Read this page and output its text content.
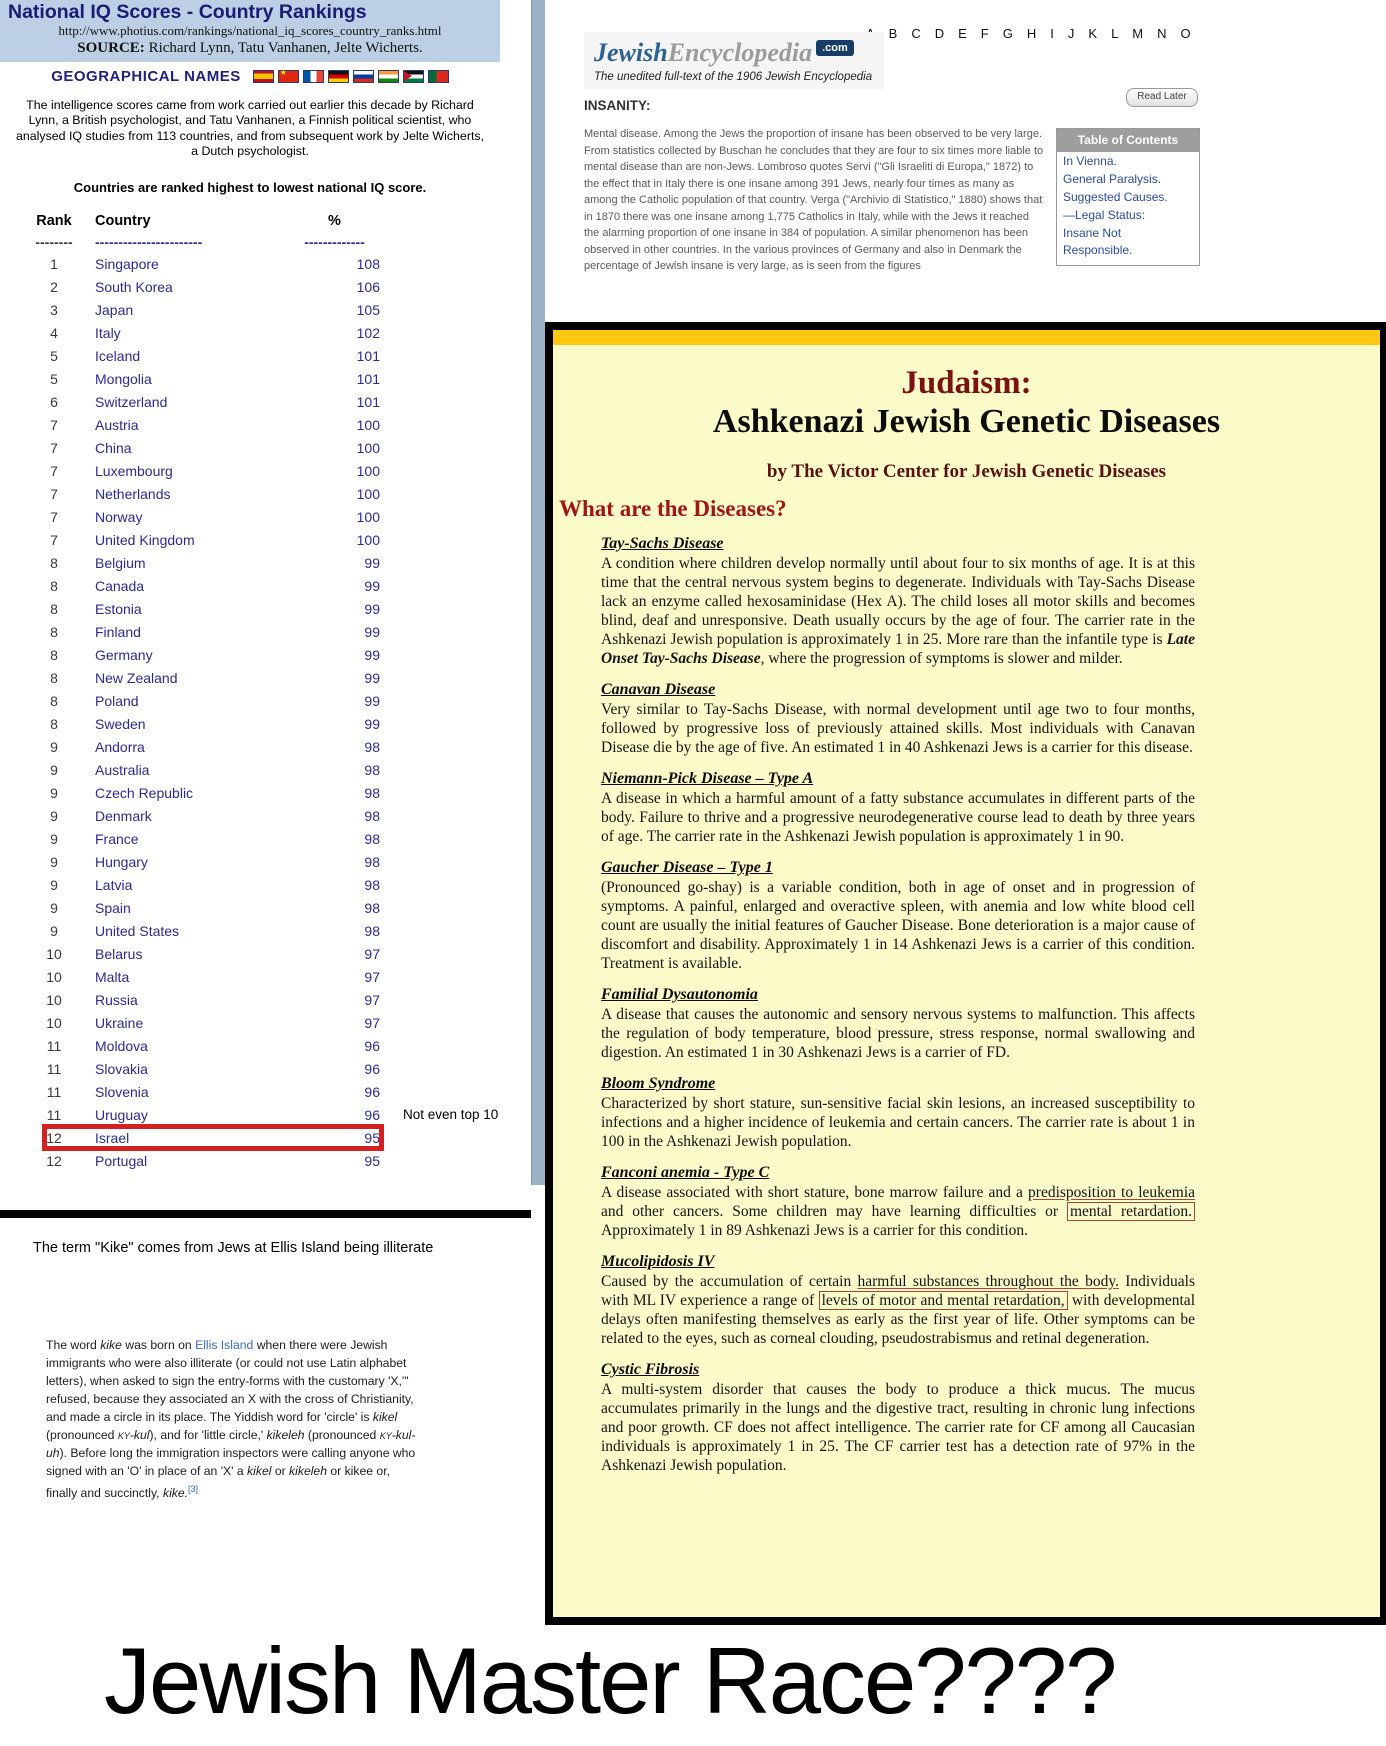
National IQ Scores - Country Rankings
http://www.photius.com/rankings/national_iq_scores_country_ranks.html
SOURCE: Richard Lynn, Tatu Vanhanen, Jelte Wicherts.
GEOGRAPHICAL NAMES
★
The intelligence scores came from work carried out earlier this decade by Richard Lynn, a British psychologist, and Tatu Vanhanen, a Finnish political scientist, who analysed IQ studies from 113 countries, and from subsequent work by Jelte Wicherts, a Dutch psychologist.
Countries are ranked highest to lowest national IQ score.
Rank	Country	%
--------	-----------------------	-------------
1	Singapore	108
2	South Korea	106
3	Japan	105
4	Italy	102
5	Iceland	101
5	Mongolia	101
6	Switzerland	101
7	Austria	100
7	China	100
7	Luxembourg	100
7	Netherlands	100
7	Norway	100
7	United Kingdom	100
8	Belgium	99
8	Canada	99
8	Estonia	99
8	Finland	99
8	Germany	99
8	New Zealand	99
8	Poland	99
8	Sweden	99
9	Andorra	98
9	Australia	98
9	Czech Republic	98
9	Denmark	98
9	France	98
9	Hungary	98
9	Latvia	98
9	Spain	98
9	United States	98
10	Belarus	97
10	Malta	97
10	Russia	97
10	Ukraine	97
11	Moldova	96
11	Slovakia	96
11	Slovenia	96
11	Uruguay	96	Not even top 10
12	Israel	95
12	Portugal	95
B C D E F G H I J K L M N O
JewishEncyclopedia .com
The unedited full-text of the 1906 Jewish Encyclopedia
INSANITY:
Read Later
Table of Contents
In Vienna.
General Paralysis.
Suggested Causes.
—Legal Status:
Insane Not Responsible.
Mental disease. Among the Jews the proportion of insane has been observed to be very large. From statistics collected by Buschan he concludes that they are four to six times more liable to mental disease than are non-Jews. Lombroso quotes Servi ("Gli Israeliti di Europa," 1872) to the effect that in Italy there is one insane among 391 Jews, nearly four times as many as among the Catholic population of that country. Verga ("Archivio di Statistico," 1880) shows that in 1870 there was one insane among 1,775 Catholics in Italy, while with the Jews it reached the alarming proportion of one insane in 384 of population. A similar phenomenon has been observed in other countries. In the various provinces of Germany and also in Denmark the percentage of Jewish insane is very large, as is seen from the figures
Judaism:
Ashkenazi Jewish Genetic Diseases
by The Victor Center for Jewish Genetic Diseases
What are the Diseases?
Tay-Sachs Disease

A condition where children develop normally until about four to six months of age. It is at this time that the central nervous system begins to degenerate. Individuals with Tay-Sachs Disease lack an enzyme called hexosaminidase (Hex A). The child loses all motor skills and becomes blind, deaf and unresponsive. Death usually occurs by the age of four. The carrier rate in the Ashkenazi Jewish population is approximately 1 in 25. More rare than the infantile type is Late Onset Tay-Sachs Disease, where the progression of symptoms is slower and milder.

Canavan Disease

Very similar to Tay-Sachs Disease, with normal development until age two to four months, followed by progressive loss of previously attained skills. Most individuals with Canavan Disease die by the age of five. An estimated 1 in 40 Ashkenazi Jews is a carrier for this disease.

Niemann-Pick Disease – Type A

A disease in which a harmful amount of a fatty substance accumulates in different parts of the body. Failure to thrive and a progressive neurodegenerative course lead to death by three years of age. The carrier rate in the Ashkenazi Jewish population is approximately 1 in 90.

Gaucher Disease – Type 1

(Pronounced go-shay) is a variable condition, both in age of onset and in progression of symptoms. A painful, enlarged and overactive spleen, with anemia and low white blood cell count are usually the initial features of Gaucher Disease. Bone deterioration is a major cause of discomfort and disability. Approximately 1 in 14 Ashkenazi Jews is a carrier of this condition. Treatment is available.

Familial Dysautonomia

A disease that causes the autonomic and sensory nervous systems to malfunction. This affects the regulation of body temperature, blood pressure, stress response, normal swallowing and digestion. An estimated 1 in 30 Ashkenazi Jews is a carrier of FD.

Bloom Syndrome

Characterized by short stature, sun-sensitive facial skin lesions, an increased susceptibility to infections and a higher incidence of leukemia and certain cancers. The carrier rate is about 1 in 100 in the Ashkenazi Jewish population.

Fanconi anemia - Type C

A disease associated with short stature, bone marrow failure and a predisposition to leukemia and other cancers. Some children may have learning difficulties or mental retardation. Approximately 1 in 89 Ashkenazi Jews is a carrier for this condition.

Mucolipidosis IV

Caused by the accumulation of certain harmful substances throughout the body. Individuals with ML IV experience a range of levels of motor and mental retardation, with developmental delays often manifesting themselves as early as the first year of life. Other symptoms can be related to the eyes, such as corneal clouding, pseudostrabismus and retinal degeneration.

Cystic Fibrosis

A multi-system disorder that causes the body to produce a thick mucus. The mucus accumulates primarily in the lungs and the digestive tract, resulting in chronic lung infections and poor growth. CF does not affect intelligence. The carrier rate for CF among all Caucasian individuals is approximately 1 in 25. The CF carrier test has a detection rate of 97% in the Ashkenazi Jewish population.

The term "Kike" comes from Jews at Ellis Island being illiterate

The word kike was born on Ellis Island when there were Jewish immigrants who were also illiterate (or could not use Latin alphabet letters), when asked to sign the entry-forms with the customary 'X,'" refused, because they associated an X with the cross of Christianity, and made a circle in its place. The Yiddish word for 'circle' is kikel (pronounced ky-kul), and for 'little circle,' kikeleh (pronounced ky-kul-uh). Before long the immigration inspectors were calling anyone who signed with an 'O' in place of an 'X' a kikel or kikeleh or kikee or, finally and succinctly, kike.[3]

Jewish Master Race????
